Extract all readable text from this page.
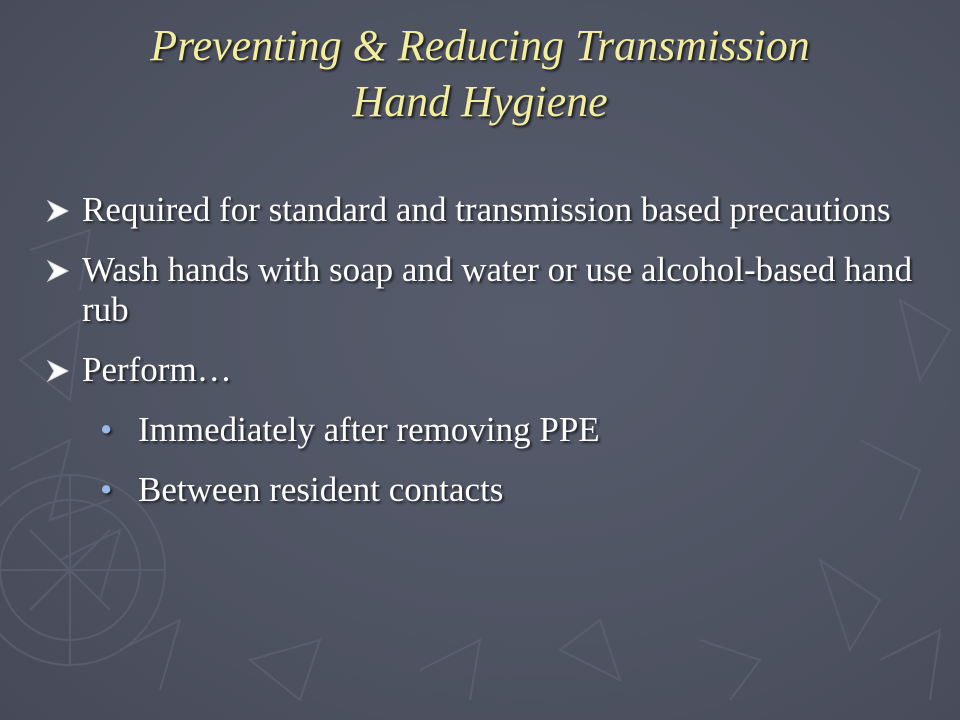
Preventing & Reducing Transmission
Hand Hygiene
Required for standard and transmission based precautions
Wash hands with soap and water or use alcohol-based hand rub
Perform…
• Immediately after removing PPE
• Between resident contacts
